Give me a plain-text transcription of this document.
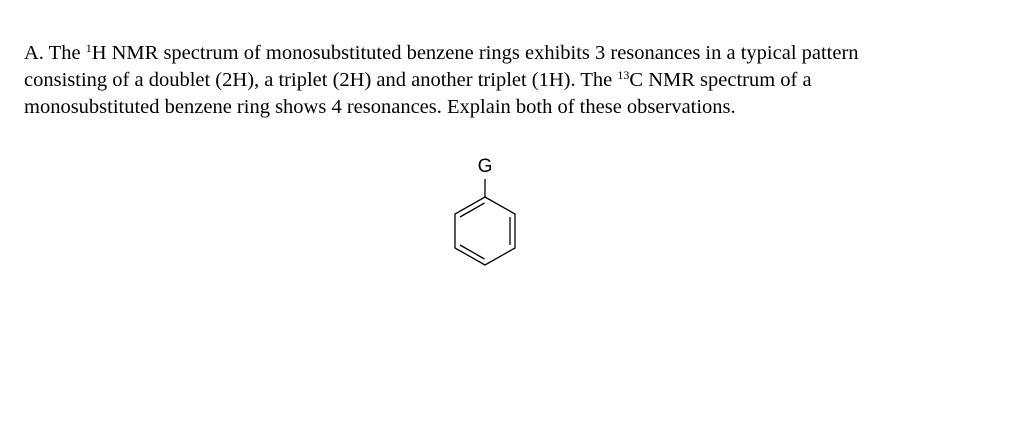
A. The $^1$H NMR spectrum of monosubstituted benzene rings exhibits 3 resonances in a typical pattern
consisting of a doublet (2H), a triplet (2H) and another triplet (1H). The $^{13}$C NMR spectrum of a
monosubstituted benzene ring shows 4 resonances. Explain both of these observations.

G
